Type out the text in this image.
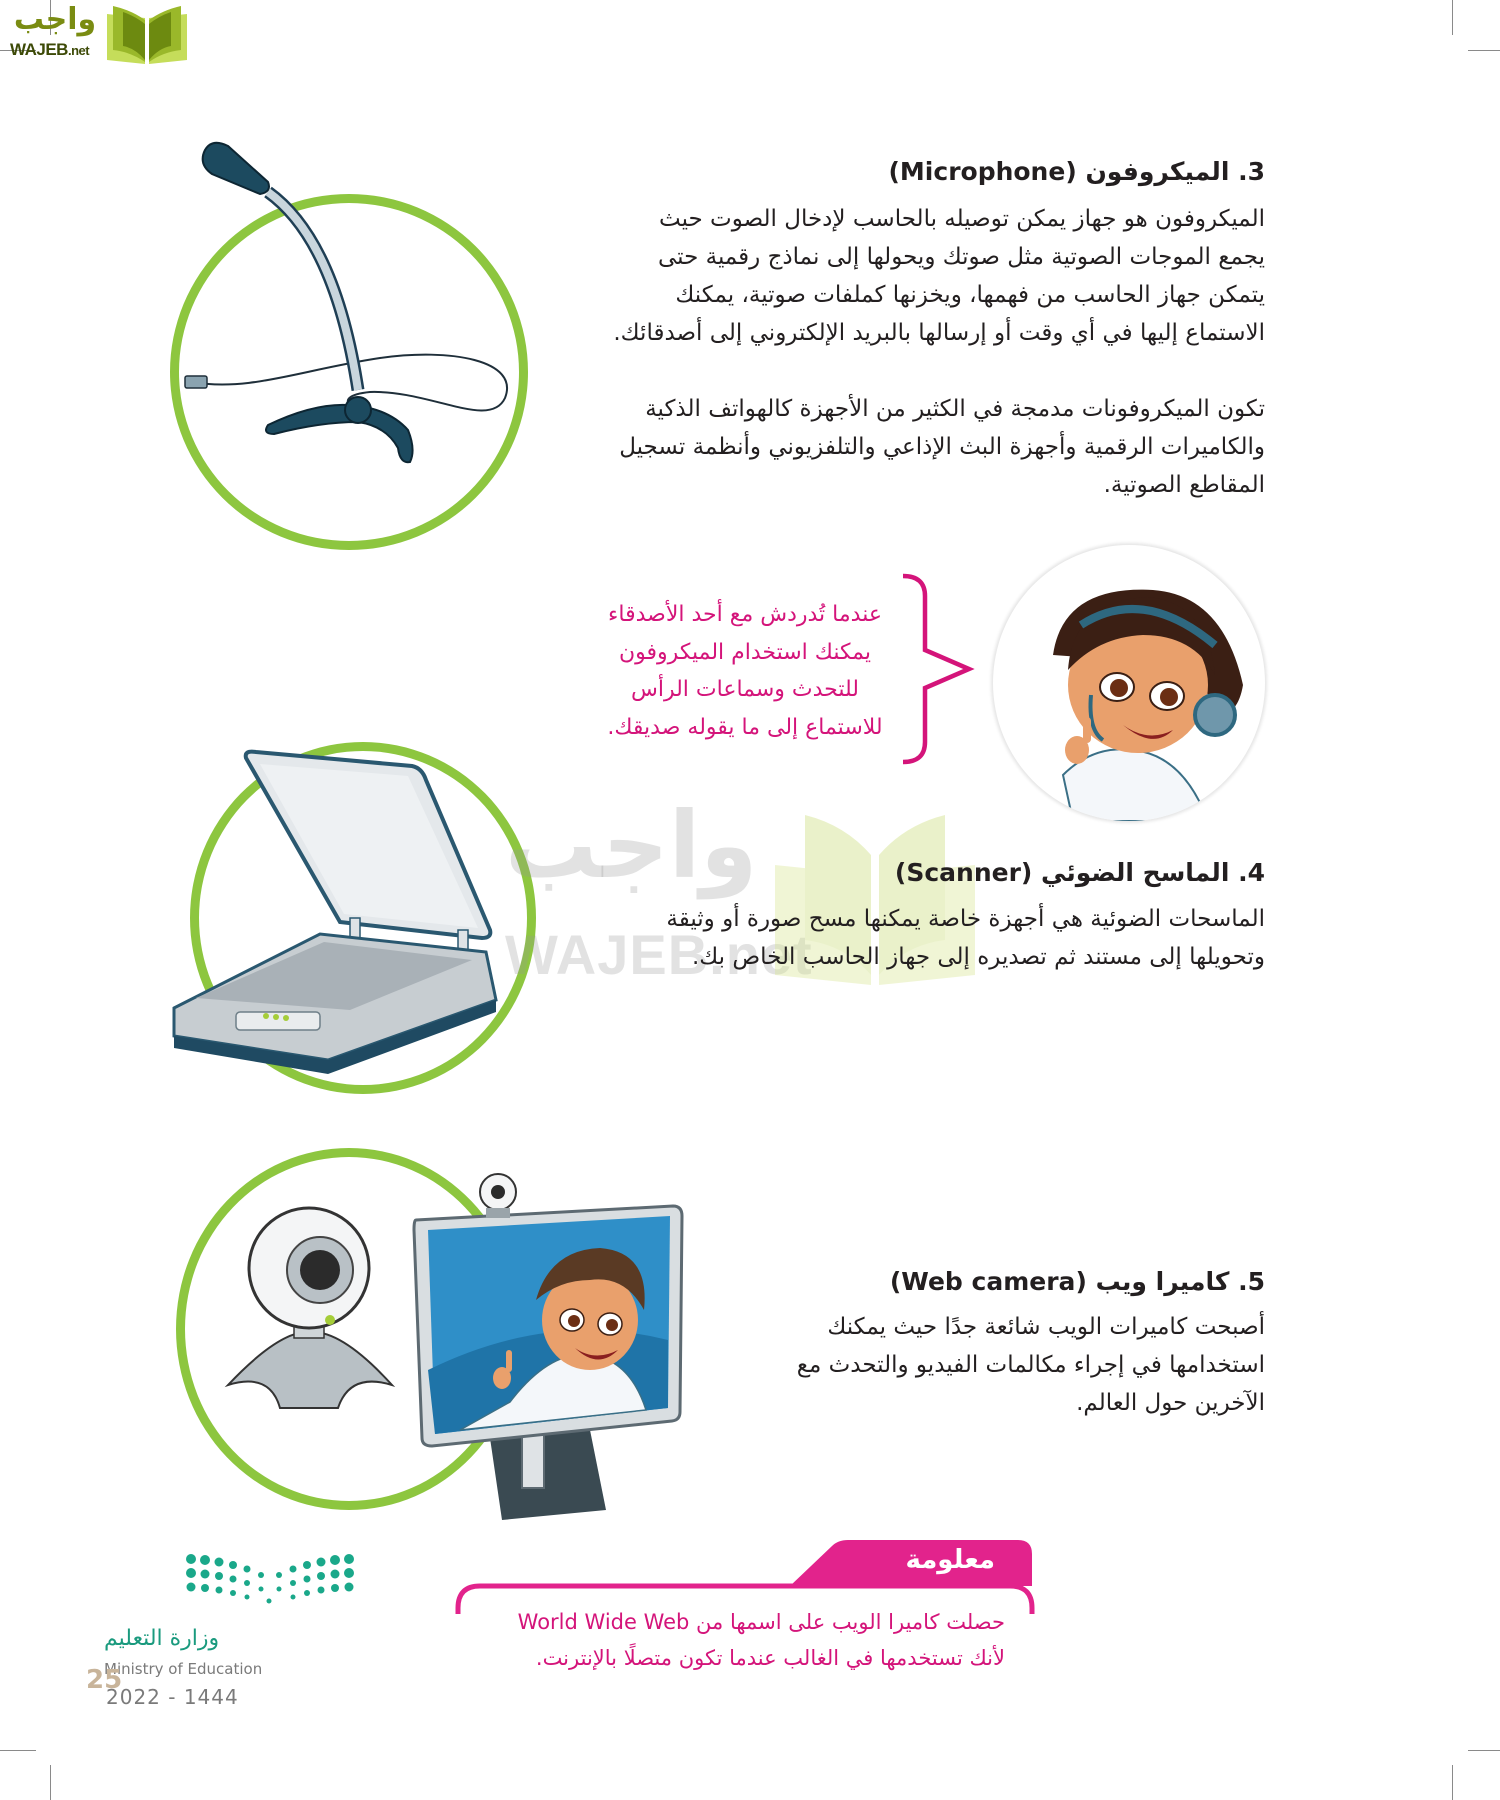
واجب
WAJEB.net
3. الميكروفون (Microphone)

الميكروفون هو جهاز يمكن توصيله بالحاسب لإدخال الصوت حيث

يجمع الموجات الصوتية مثل صوتك ويحولها إلى نماذج رقمية حتى

يتمكن جهاز الحاسب من فهمها، ويخزنها كملفات صوتية، يمكنك

الاستماع إليها في أي وقت أو إرسالها بالبريد الإلكتروني إلى أصدقائك.

تكون الميكروفونات مدمجة في الكثير من الأجهزة كالهواتف الذكية

والكاميرات الرقمية وأجهزة البث الإذاعي والتلفزيوني وأنظمة تسجيل

المقاطع الصوتية.

عندما تُدردش مع أحد الأصدقاء

يمكنك استخدام الميكروفون

للتحدث وسماعات الرأس

للاستماع إلى ما يقوله صديقك.

واجب
WAJEB.net
4. الماسح الضوئي (Scanner)

الماسحات الضوئية هي أجهزة خاصة يمكنها مسح صورة أو وثيقة

وتحويلها إلى مستند ثم تصديره إلى جهاز الحاسب الخاص بك.

5. كاميرا ويب (Web camera)

أصبحت كاميرات الويب شائعة جدًا حيث يمكنك

استخدامها في إجراء مكالمات الفيديو والتحدث مع

الآخرين حول العالم.

معلومة

حصلت كاميرا الويب على اسمها من World Wide Web

لأنك تستخدمها في الغالب عندما تكون متصلًا بالإنترنت.

وزارة التعليم
Ministry of Education
25
2022 - 1444
